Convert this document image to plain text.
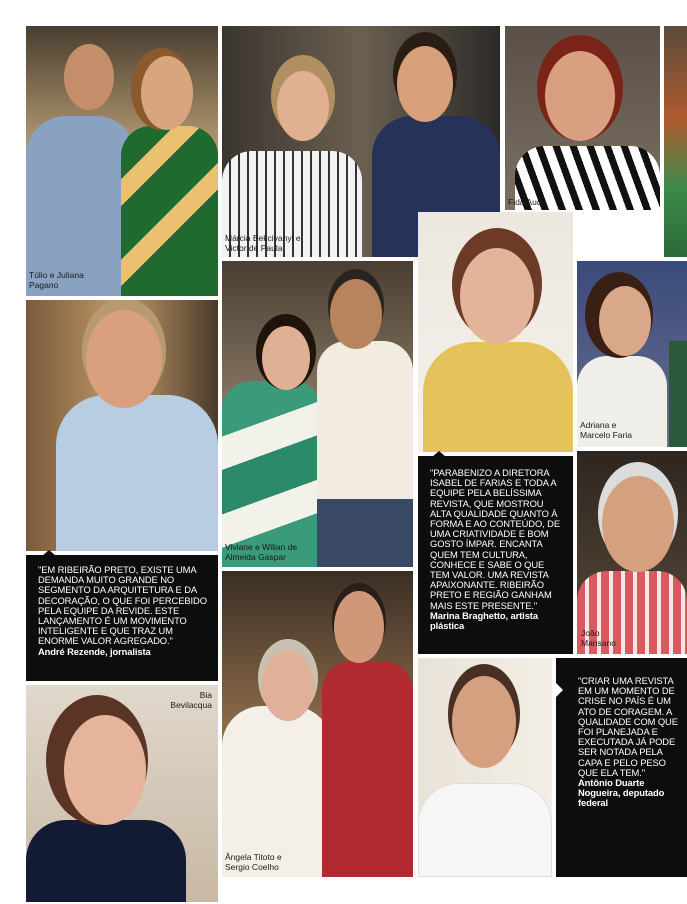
Túlio e Juliana
Pagano
Márcia Bekcivanyi e
Victor de Paula
Fida Aude
Adriana e
Marcelo Faria
"EM RIBEIRÃO PRETO, EXISTE UMA DEMANDA MUITO GRANDE NO SEGMENTO DA ARQUITETURA E DA DECORAÇÃO, O QUE FOI PERCEBIDO PELA EQUIPE DA REVIDE. ESTE LANÇAMENTO É UM MOVIMENTO INTELIGENTE E QUE TRAZ UM ENORME VALOR AGREGADO."
André Rezende, jornalista
Viviane e Wilian de
Almeida Gaspar
"PARABENIZO A DIRETORA ISABEL DE FARIAS E TODA A EQUIPE PELA BELÍSSIMA REVISTA, QUE MOSTROU ALTA QUALIDADE QUANTO À FORMA E AO CONTEÚDO, DE UMA CRIATIVIDADE E BOM GOSTO ÍMPAR. ENCANTA QUEM TEM CULTURA, CONHECE E SABE O QUE TEM VALOR. UMA REVISTA APAIXONANTE. RIBEIRÃO PRETO E REGIÃO GANHAM MAIS ESTE PRESENTE."
Marina Braghetto, artista plástica
João
Mansano
Bia
Bevilacqua
Ângela Titoto e
Sergio Coelho
"CRIAR UMA REVISTA EM UM MOMENTO DE CRISE NO PAÍS É UM ATO DE CORAGEM. A QUALIDADE COM QUE FOI PLANEJADA E EXECUTADA JÁ PODE SER NOTADA PELA CAPA E PELO PESO QUE ELA TEM."
Antônio Duarte Nogueira, deputado federal
